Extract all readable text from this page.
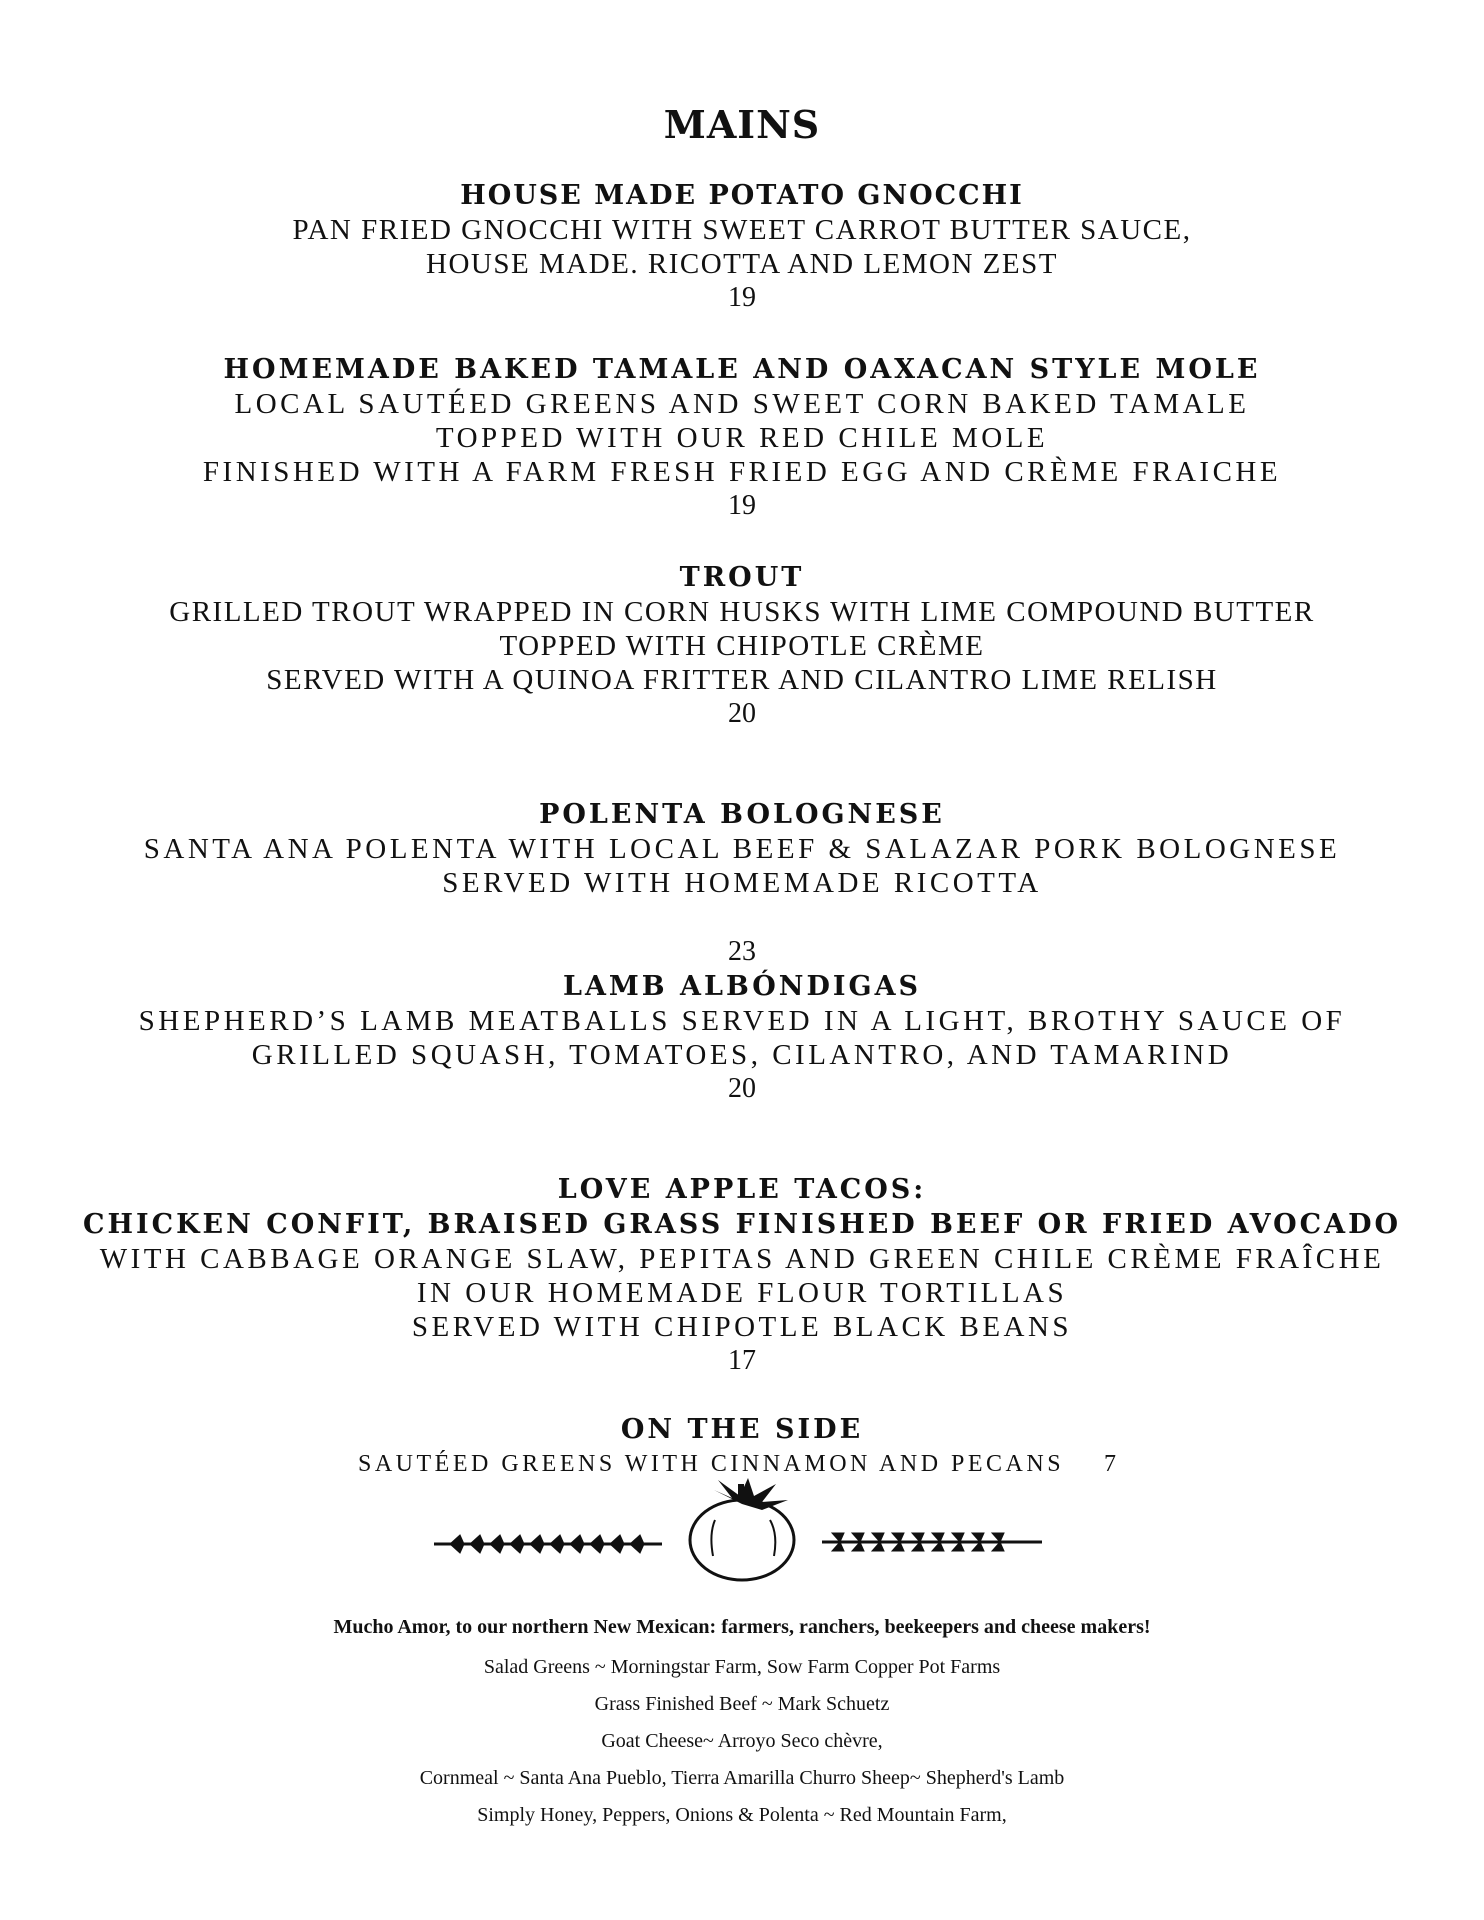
MAINS
HOUSE MADE POTATO GNOCCHI
PAN FRIED GNOCCHI WITH SWEET CARROT BUTTER SAUCE,
HOUSE MADE. RICOTTA AND LEMON ZEST
19
HOMEMADE BAKED TAMALE AND OAXACAN STYLE MOLE
LOCAL SAUTÉED GREENS AND SWEET CORN BAKED TAMALE
TOPPED WITH OUR RED CHILE MOLE
FINISHED WITH A FARM FRESH FRIED EGG AND CRÈME FRAICHE
19
TROUT
GRILLED TROUT WRAPPED IN CORN HUSKS WITH LIME COMPOUND BUTTER
TOPPED WITH CHIPOTLE CRÈME
SERVED WITH A QUINOA FRITTER AND CILANTRO LIME RELISH
20
POLENTA BOLOGNESE
SANTA ANA POLENTA WITH LOCAL BEEF & SALAZAR PORK BOLOGNESE
SERVED WITH HOMEMADE RICOTTA
23
LAMB ALBÓNDIGAS
SHEPHERD’S LAMB MEATBALLS SERVED IN A LIGHT, BROTHY SAUCE OF
GRILLED SQUASH, TOMATOES, CILANTRO, AND TAMARIND
20
LOVE APPLE TACOS:
CHICKEN CONFIT, BRAISED GRASS FINISHED BEEF OR FRIED AVOCADO
WITH CABBAGE ORANGE SLAW, PEPITAS AND GREEN CHILE CRÈME FRAÎCHE
IN OUR HOMEMADE FLOUR TORTILLAS
SERVED WITH CHIPOTLE BLACK BEANS
17
ON THE SIDE
SAUTÉED GREENS WITH CINNAMON AND PECANS 7
Mucho Amor, to our northern New Mexican: farmers, ranchers, beekeepers and cheese makers!
Salad Greens ~ Morningstar Farm, Sow Farm Copper Pot Farms
Grass Finished Beef ~ Mark Schuetz
Goat Cheese~ Arroyo Seco chèvre,
Cornmeal ~ Santa Ana Pueblo, Tierra Amarilla Churro Sheep~ Shepherd's Lamb
Simply Honey, Peppers, Onions & Polenta ~ Red Mountain Farm,
